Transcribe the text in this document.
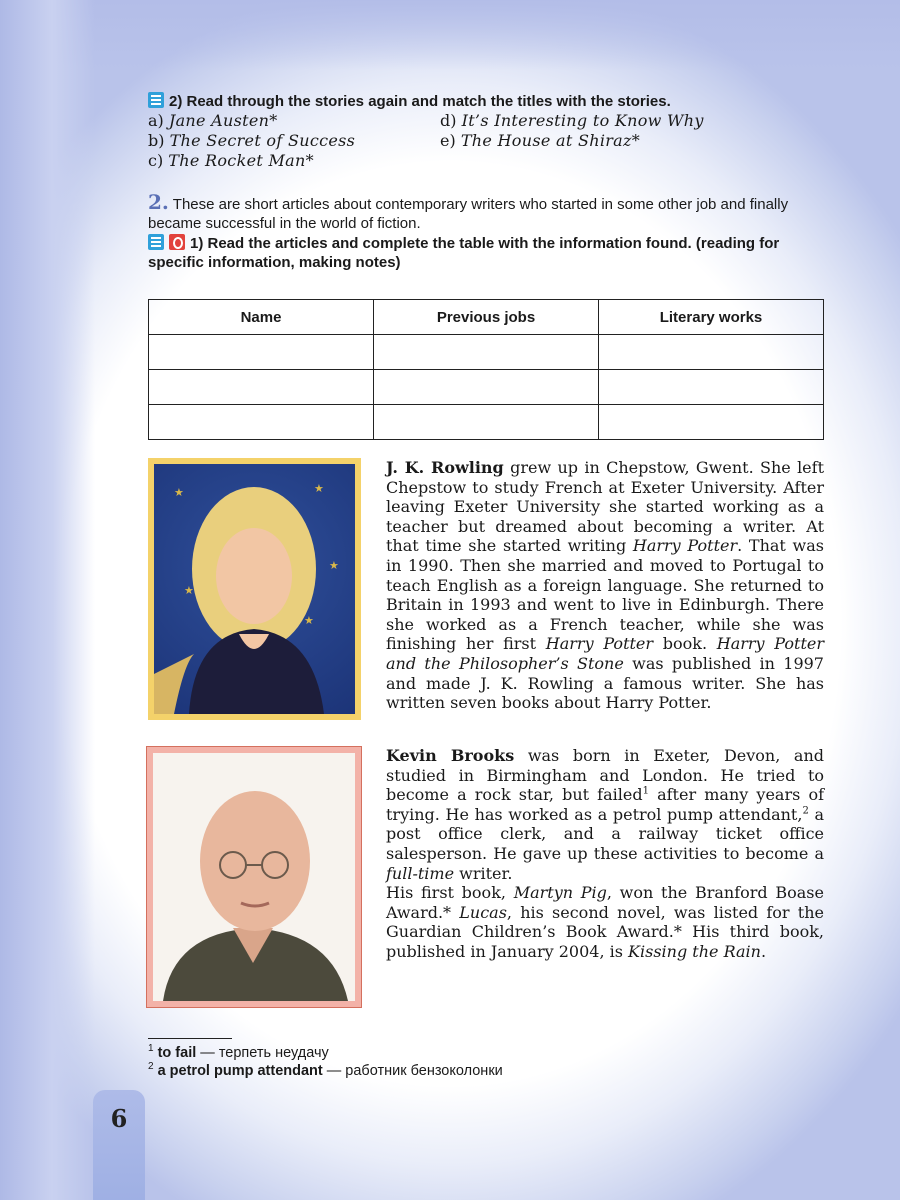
2) Read through the stories again and match the titles with the stories.
a) Jane Austen*
b) The Secret of Success
c) The Rocket Man*
d) It’s Interesting to Know Why
e) The House at Shiraz*
2. These are short articles about contemporary writers who started in some other job and finally became successful in the world of fiction.
1) Read the articles and complete the table with the information found. (reading for specific information, making notes)
Name	Previous jobs	Literary works

★	★
★
★
★
J. K. Rowling grew up in Chepstow, Gwent. She left Chepstow to study French at Exeter University. After leaving Exeter University she started working as a teacher but dreamed about becoming a writer. At that time she started writing Harry Potter. That was in 1990. Then she married and moved to Portugal to teach English as a foreign language. She returned to Britain in 1993 and went to live in Edinburgh. There she worked as a French teacher, while she was finishing her first Harry Potter book. Harry Potter and the Philosopher’s Stone was published in 1997 and made J. K. Rowling a famous writer. She has written seven books about Harry Potter.
Kevin Brooks was born in Exeter, Devon, and studied in Birmingham and London. He tried to become a rock star, but failed$^1$ after many years of trying. He has worked as a petrol pump attendant,$^2$ a post office clerk, and a railway ticket office salesperson. He gave up these activities to become a full-time writer.
His first book, Martyn Pig, won the Branford Boase Award.* Lucas, his second novel, was listed for the Guardian Children’s Book Award.* His third book, published in January 2004, is Kissing the Rain.
$^1$ to fail — терпеть неудачу
$^2$ a petrol pump attendant — работник бензоколонки
6
